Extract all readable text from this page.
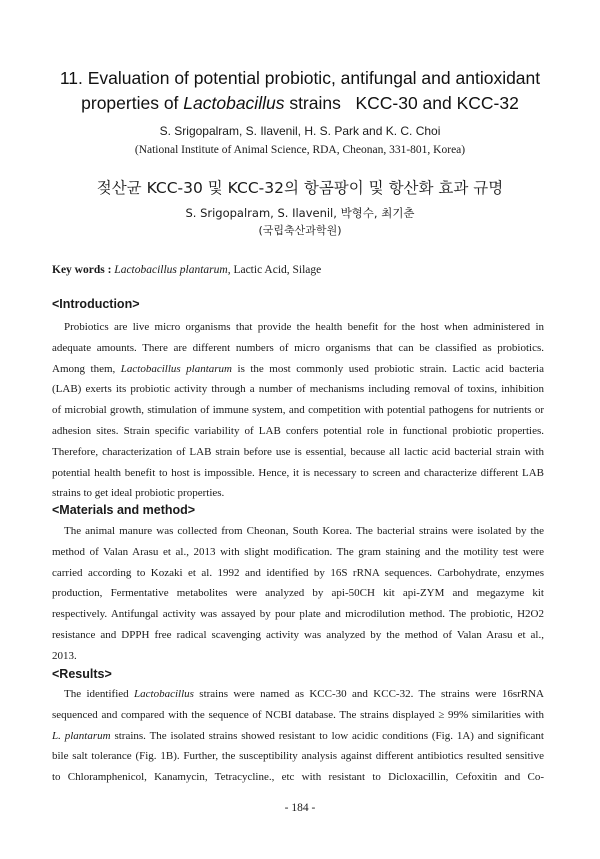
11. Evaluation of potential probiotic, antifungal and antioxidant
properties of Lactobacillus strains   KCC-30 and KCC-32
S. Srigopalram, S. Ilavenil, H. S. Park and K. C. Choi
(National Institute of Animal Science, RDA, Cheonan, 331-801, Korea)
젖산균 KCC-30 및 KCC-32의 항곰팡이 및 항산화 효과 규명
S. Srigopalram, S. Ilavenil, 박형수, 최기춘
(국립축산과학원)
Key words : Lactobacillus plantarum, Lactic Acid, Silage
<Introduction>
Probiotics are live micro organisms that provide the health benefit for the host when administered in
adequate amounts. There are different numbers of micro organisms that can be classified as probiotics.
Among them, Lactobacillus plantarum is the most commonly used probiotic strain. Lactic acid bacteria
(LAB) exerts its probiotic activity through a number of mechanisms including removal of toxins, inhibition
of microbial growth, stimulation of immune system, and competition with potential pathogens for nutrients or
adhesion sites. Strain specific variability of LAB confers potential role in functional probiotic properties.
Therefore, characterization of LAB strain before use is essential, because all lactic acid bacterial strain with
potential health benefit to host is impossible. Hence, it is necessary to screen and characterize different LAB
strains to get ideal probiotic properties.
<Materials and method>
The animal manure was collected from Cheonan, South Korea. The bacterial strains were isolated by the
method of Valan Arasu et al., 2013 with slight modification. The gram staining and the motility test were
carried according to Kozaki et al. 1992 and identified by 16S rRNA sequences. Carbohydrate, enzymes
production, Fermentative metabolites were analyzed by api-50CH kit api-ZYM and megazyme kit
respectively. Antifungal activity was assayed by pour plate and microdilution method. The probiotic, H2O2
resistance and DPPH free radical scavenging activity was analyzed by the method of Valan Arasu et al.,
2013.
<Results>
The identified Lactobacillus strains were named as KCC-30 and KCC-32. The strains were 16srRNA
sequenced and compared with the sequence of NCBI database. The strains displayed ≥ 99% similarities with
L. plantarum strains. The isolated strains showed resistant to low acidic conditions (Fig. 1A) and significant
bile salt tolerance (Fig. 1B). Further, the susceptibility analysis against different antibiotics resulted sensitive
to Chloramphenicol, Kanamycin, Tetracycline., etc with resistant to Dicloxacillin, Cefoxitin and Co-
- 184 -
